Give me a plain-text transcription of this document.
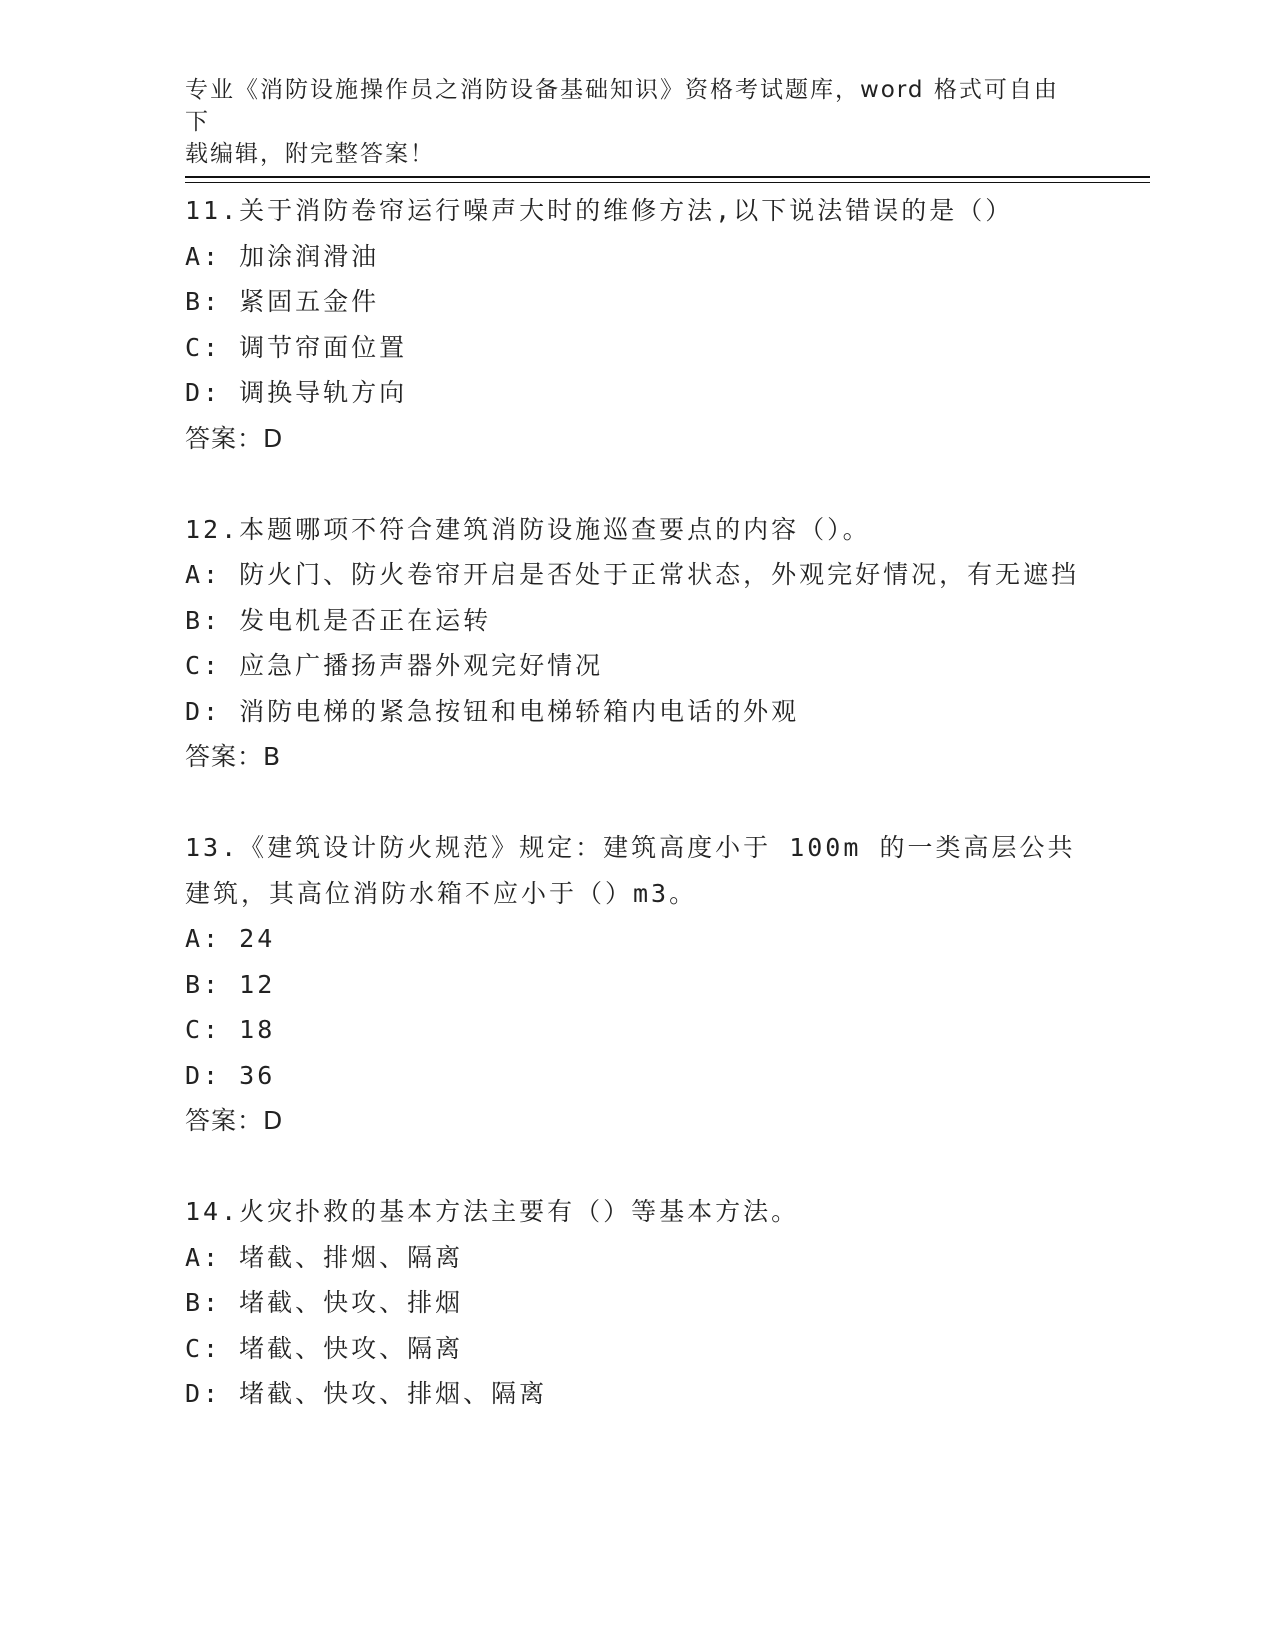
专业《消防设施操作员之消防设备基础知识》资格考试题库，word 格式可自由下
载编辑，附完整答案！
11.关于消防卷帘运行噪声大时的维修方法,以下说法错误的是（）
A: 加涂润滑油
B: 紧固五金件
C: 调节帘面位置
D: 调换导轨方向
答案：D
12.本题哪项不符合建筑消防设施巡查要点的内容（）。
A: 防火门、防火卷帘开启是否处于正常状态，外观完好情况，有无遮挡
B: 发电机是否正在运转
C: 应急广播扬声器外观完好情况
D: 消防电梯的紧急按钮和电梯轿箱内电话的外观
答案：B
13.《建筑设计防火规范》规定：建筑高度小于 100m 的一类高层公共建筑，其高位消防水箱不应小于（）m3。
A: 24
B: 12
C: 18
D: 36
答案：D
14.火灾扑救的基本方法主要有（）等基本方法。
A: 堵截、排烟、隔离
B: 堵截、快攻、排烟
C: 堵截、快攻、隔离
D: 堵截、快攻、排烟、隔离
